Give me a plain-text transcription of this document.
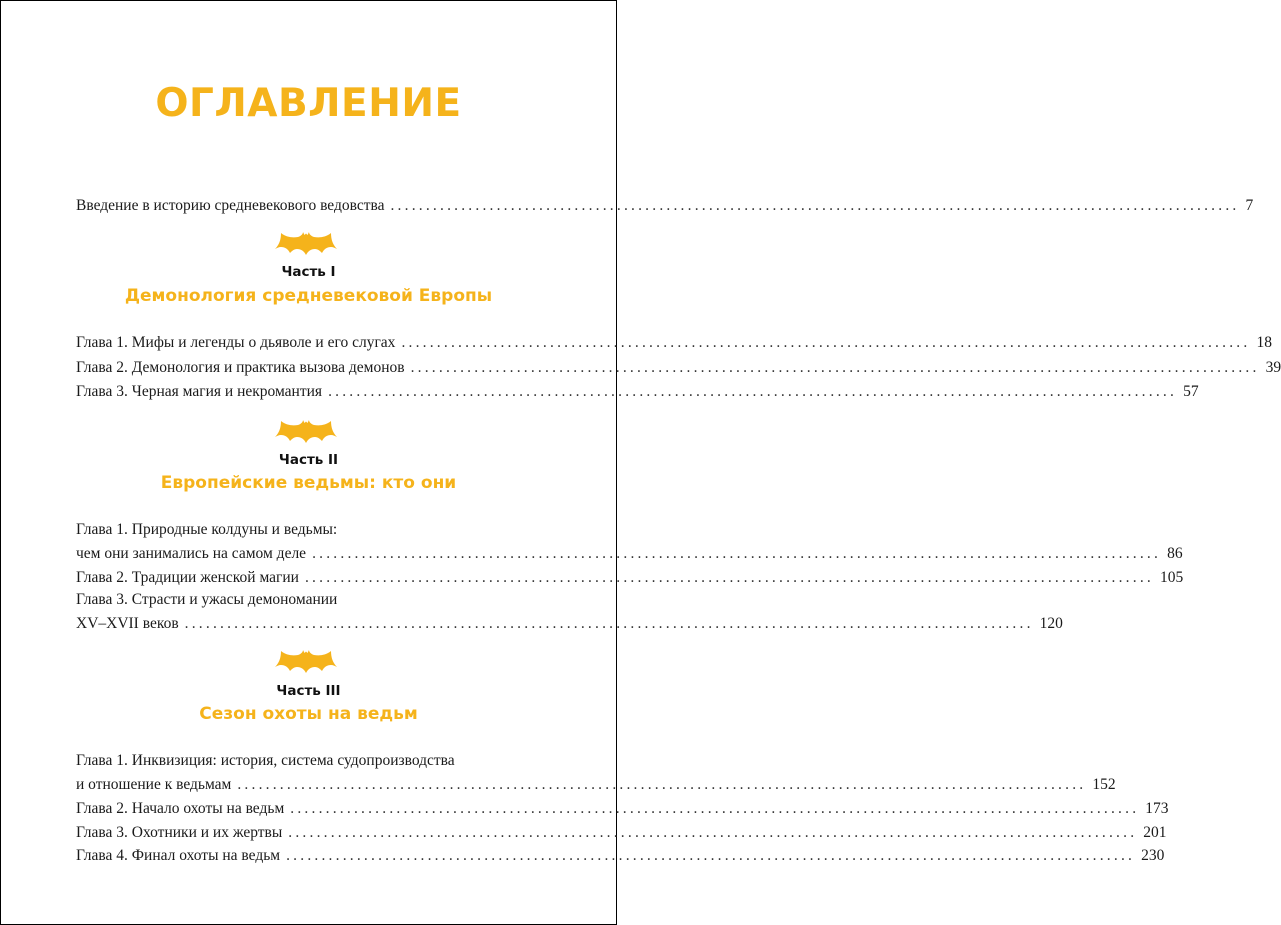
ОГЛАВЛЕНИЕ
Введение в историю средневекового ведовства ........................................................................................................................ 7
Часть I
Демонология средневековой Европы
Глава 1. Мифы и легенды о дьяволе и его слугах ........................................................................................................................ 18
Глава 2. Демонология и практика вызова демонов ........................................................................................................................ 39
Глава 3. Черная магия и некромантия ........................................................................................................................ 57
Часть II
Европейские ведьмы: кто они
Глава 1. Природные колдуны и ведьмы:
чем они занимались на самом деле ........................................................................................................................ 86
Глава 2. Традиции женской магии ........................................................................................................................ 105
Глава 3. Страсти и ужасы демономании
XV–XVII веков ........................................................................................................................ 120
Часть III
Сезон охоты на ведьм
Глава 1. Инквизиция: история, система судопроизводства
и отношение к ведьмам ........................................................................................................................ 152
Глава 2. Начало охоты на ведьм ........................................................................................................................ 173
Глава 3. Охотники и их жертвы ........................................................................................................................ 201
Глава 4. Финал охоты на ведьм ........................................................................................................................ 230
